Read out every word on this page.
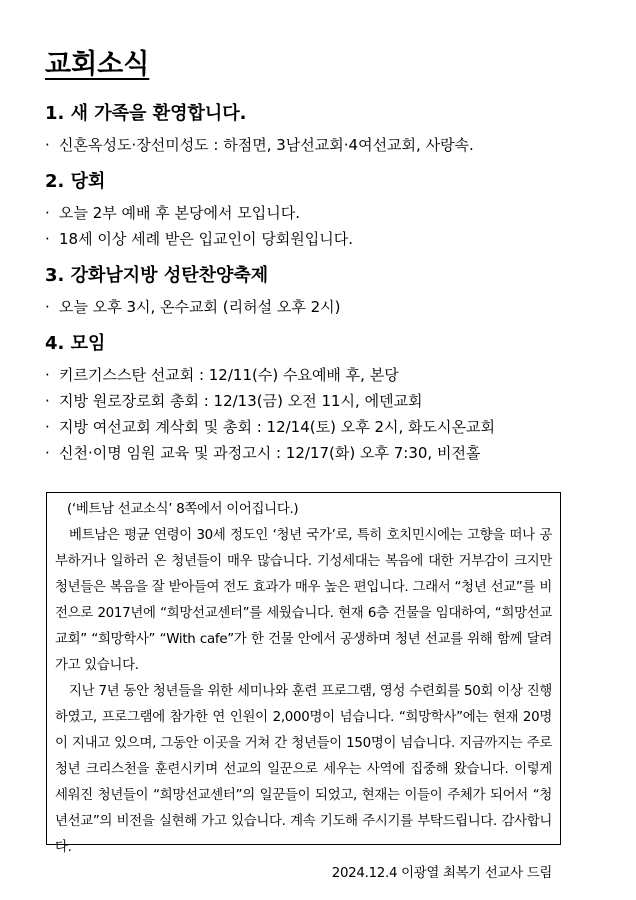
교회소식
1. 새 가족을 환영합니다.
· 신혼옥성도·장선미성도 : 하점면, 3남선교회·4여선교회, 사랑속.
2. 당회
· 오늘 2부 예배 후 본당에서 모입니다.
· 18세 이상 세례 받은 입교인이 당회원입니다.
3. 강화남지방 성탄찬양축제
· 오늘 오후 3시, 온수교회 (리허설 오후 2시)
4. 모임
· 키르기스스탄 선교회 : 12/11(수) 수요예배 후, 본당
· 지방 원로장로회 총회 : 12/13(금) 오전 11시, 에덴교회
· 지방 여선교회 계삭회 및 총회 : 12/14(토) 오후 2시, 화도시온교회
· 신천·이명 임원 교육 및 과정고시 : 12/17(화) 오후 7:30, 비전홀

(‘베트남 선교소식’ 8쪽에서 이어집니다.)

베트남은 평균 연령이 30세 정도인 ‘청년 국가’로, 특히 호치민시에는 고향을 떠나 공부하거나 일하러 온 청년들이 매우 많습니다. 기성세대는 복음에 대한 거부감이 크지만 청년들은 복음을 잘 받아들여 전도 효과가 매우 높은 편입니다. 그래서 “청년 선교”를 비전으로 2017년에 “희망선교센터”를 세웠습니다. 현재 6층 건물을 임대하여, “희망선교교회” “희망학사” “With cafe”가 한 건물 안에서 공생하며 청년 선교를 위해 함께 달려가고 있습니다.

지난 7년 동안 청년들을 위한 세미나와 훈련 프로그램, 영성 수련회를 50회 이상 진행하였고, 프로그램에 참가한 연 인원이 2,000명이 넘습니다. “희망학사”에는 현재 20명이 지내고 있으며, 그동안 이곳을 거쳐 간 청년들이 150명이 넘습니다. 지금까지는 주로 청년 크리스천을 훈련시키며 선교의 일꾼으로 세우는 사역에 집중해 왔습니다. 이렇게 세워진 청년들이 “희망선교센터”의 일꾼들이 되었고, 현재는 이들이 주체가 되어서 “청년선교”의 비전을 실현해 가고 있습니다. 계속 기도해 주시기를 부탁드립니다. 감사합니다.

2024.12.4 이광열 최복기 선교사 드림
